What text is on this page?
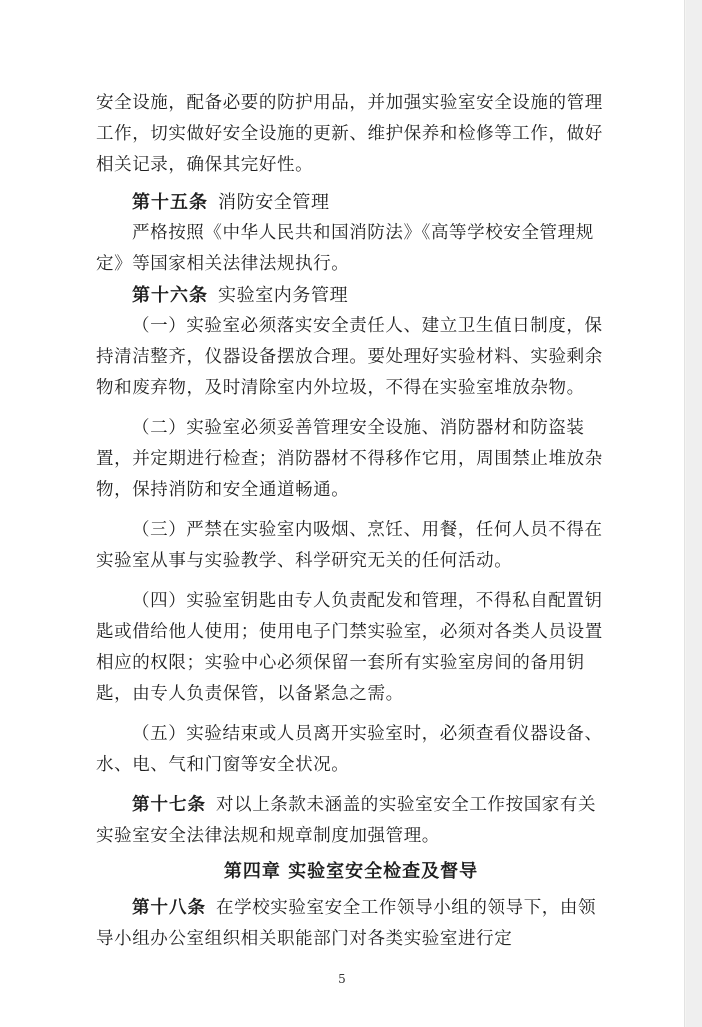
安全设施，配备必要的防护用品，并加强实验室安全设施的管理工作，切实做好安全设施的更新、维护保养和检修等工作，做好相关记录，确保其完好性。

第十五条 消防安全管理

严格按照《中华人民共和国消防法》《高等学校安全管理规定》等国家相关法律法规执行。

第十六条 实验室内务管理

（一）实验室必须落实安全责任人、建立卫生值日制度，保持清洁整齐，仪器设备摆放合理。要处理好实验材料、实验剩余物和废弃物，及时清除室内外垃圾，不得在实验室堆放杂物。

（二）实验室必须妥善管理安全设施、消防器材和防盗装置，并定期进行检查；消防器材不得移作它用，周围禁止堆放杂物，保持消防和安全通道畅通。

（三）严禁在实验室内吸烟、烹饪、用餐，任何人员不得在实验室从事与实验教学、科学研究无关的任何活动。

（四）实验室钥匙由专人负责配发和管理，不得私自配置钥匙或借给他人使用；使用电子门禁实验室，必须对各类人员设置相应的权限；实验中心必须保留一套所有实验室房间的备用钥匙，由专人负责保管，以备紧急之需。

（五）实验结束或人员离开实验室时，必须查看仪器设备、水、电、气和门窗等安全状况。

第十七条 对以上条款未涵盖的实验室安全工作按国家有关实验室安全法律法规和规章制度加强管理。

第四章 实验室安全检查及督导

第十八条 在学校实验室安全工作领导小组的领导下，由领导小组办公室组织相关职能部门对各类实验室进行定

5
